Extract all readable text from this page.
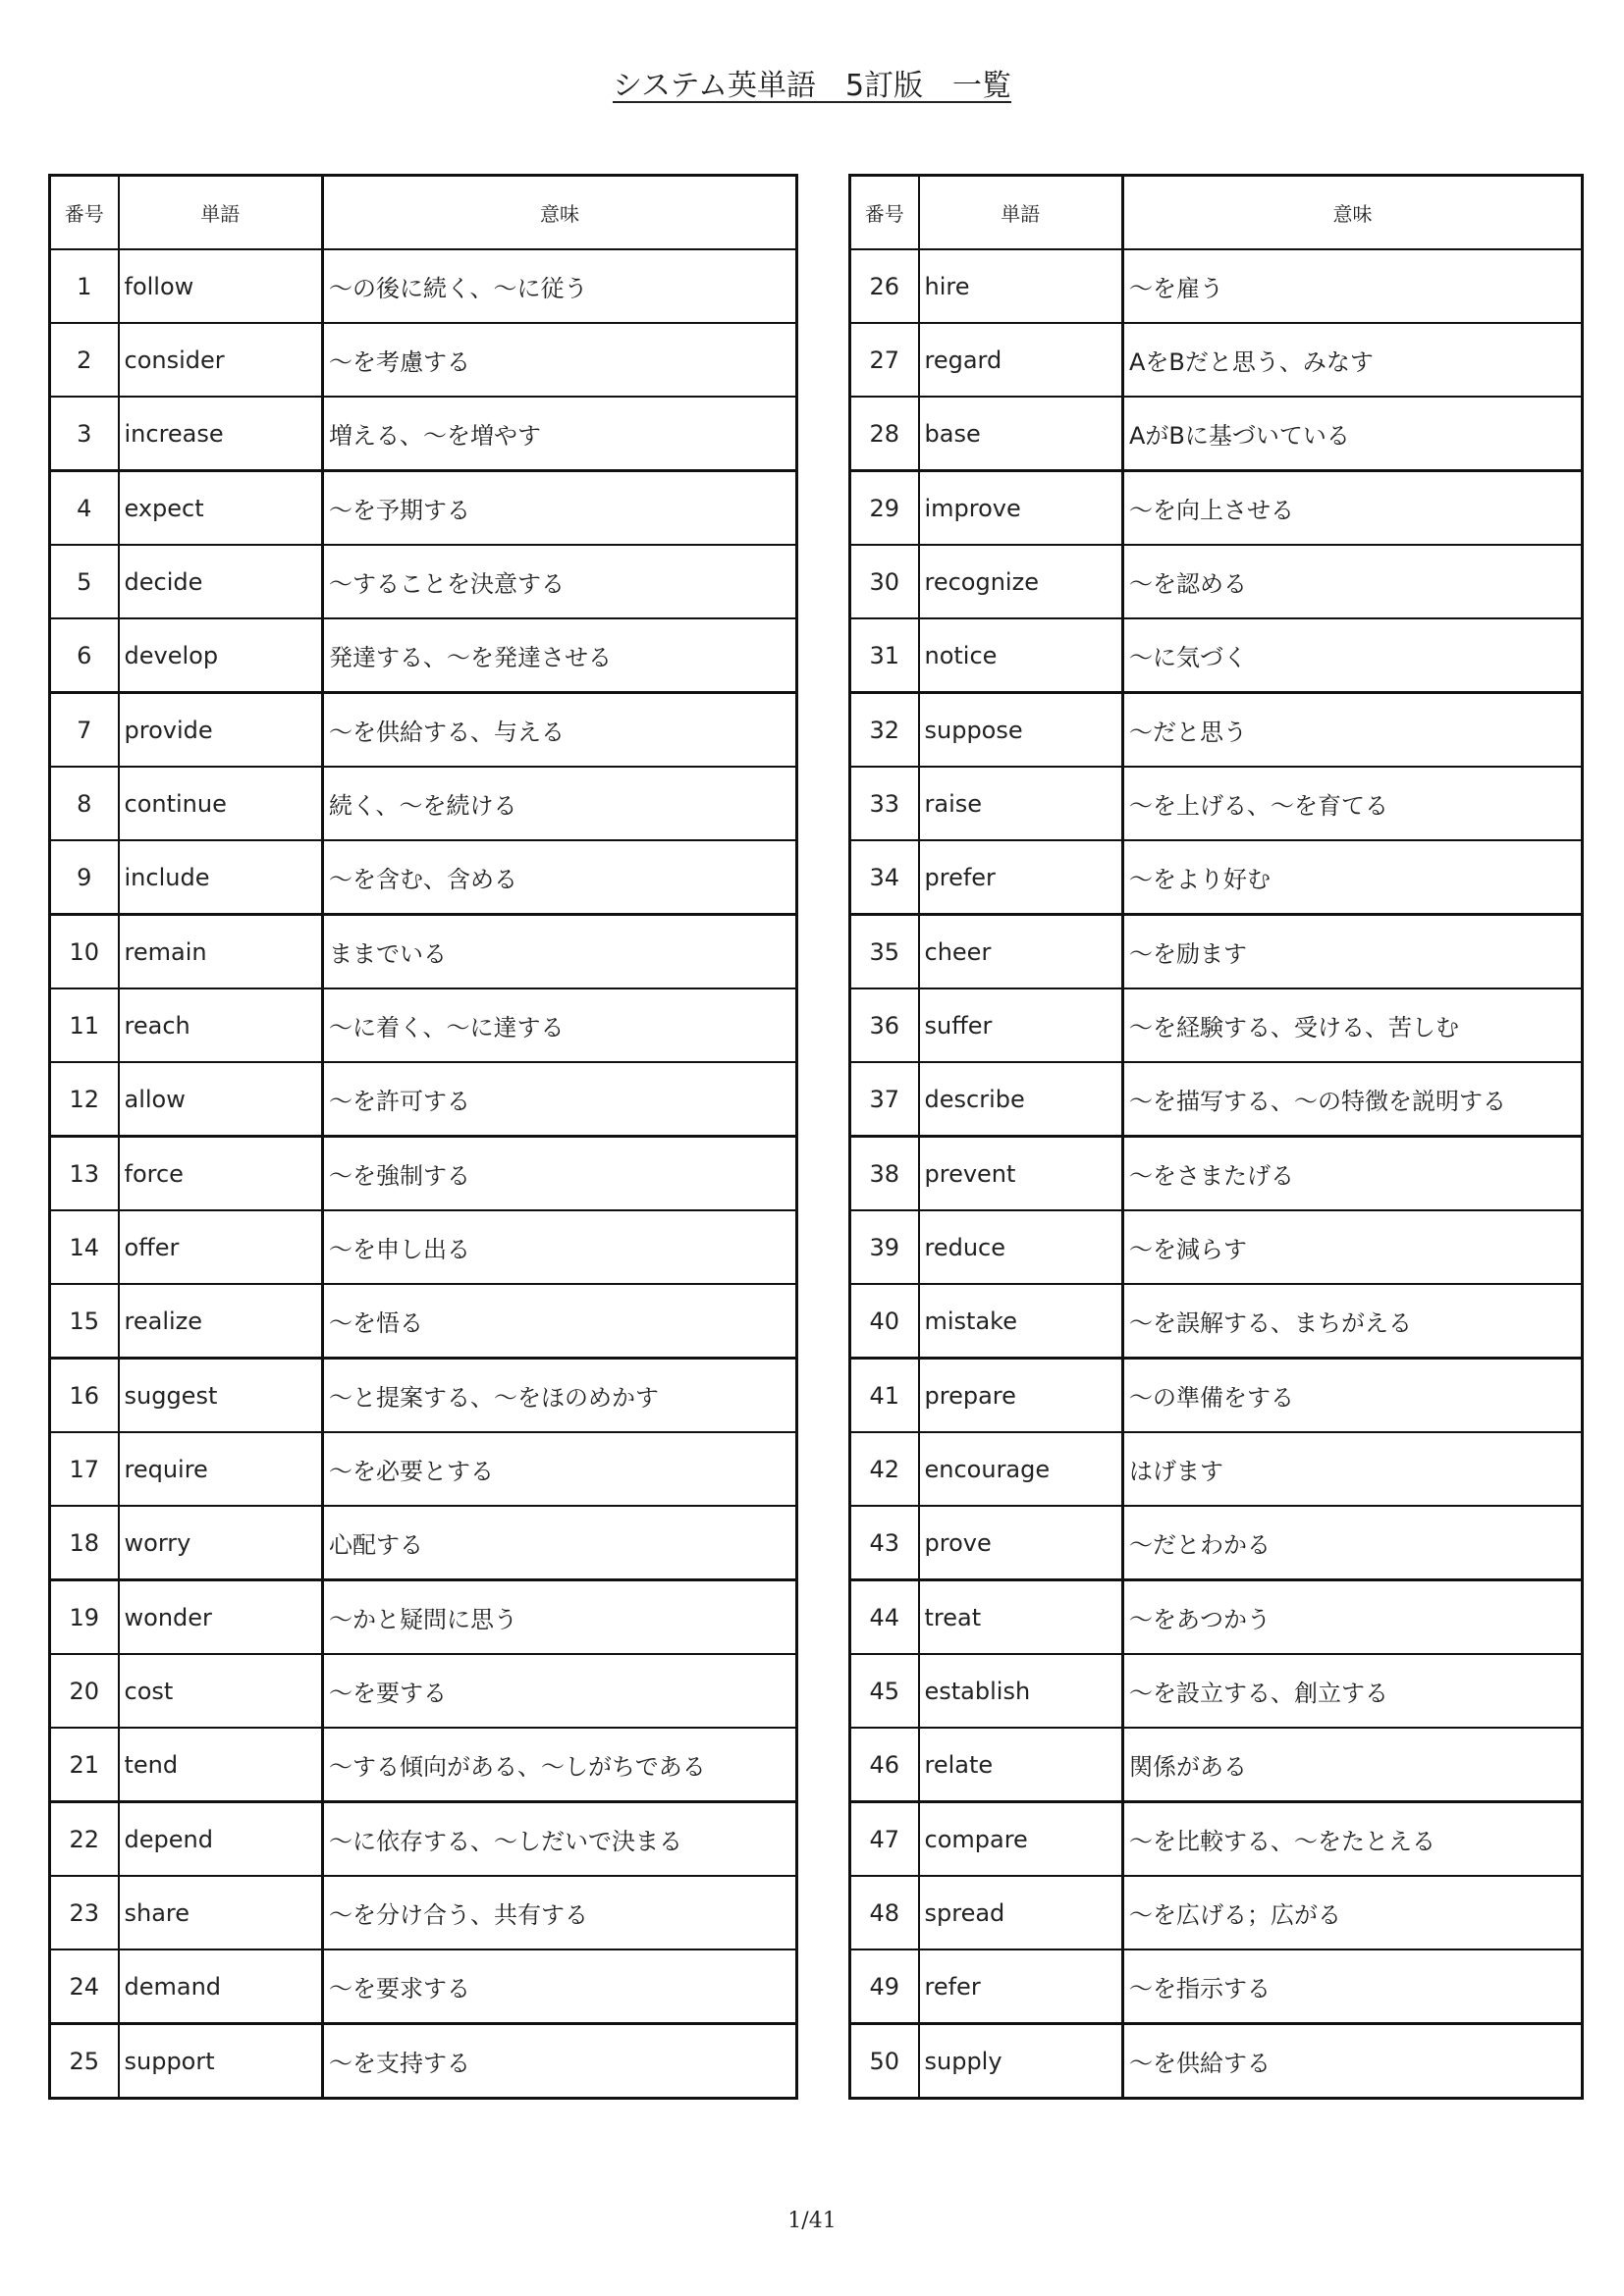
システム英単語　5訂版　一覧
番号	単語	意味
1	follow	～の後に続く、～に従う
2	consider	～を考慮する
3	increase	増える、～を増やす
4	expect	～を予期する
5	decide	～することを決意する
6	develop	発達する、～を発達させる
7	provide	～を供給する、与える
8	continue	続く、～を続ける
9	include	～を含む、含める
10	remain	ままでいる
11	reach	～に着く、～に達する
12	allow	～を許可する
13	force	～を強制する
14	offer	～を申し出る
15	realize	～を悟る
16	suggest	～と提案する、～をほのめかす
17	require	～を必要とする
18	worry	心配する
19	wonder	～かと疑問に思う
20	cost	～を要する
21	tend	～する傾向がある、～しがちである
22	depend	～に依存する、～しだいで決まる
23	share	～を分け合う、共有する
24	demand	～を要求する
25	support	～を支持する
番号	単語	意味
26	hire	～を雇う
27	regard	AをBだと思う、みなす
28	base	AがBに基づいている
29	improve	～を向上させる
30	recognize	～を認める
31	notice	～に気づく
32	suppose	～だと思う
33	raise	～を上げる、～を育てる
34	prefer	～をより好む
35	cheer	～を励ます
36	suffer	～を経験する、受ける、苦しむ
37	describe	～を描写する、～の特徴を説明する
38	prevent	～をさまたげる
39	reduce	～を減らす
40	mistake	～を誤解する、まちがえる
41	prepare	～の準備をする
42	encourage	はげます
43	prove	～だとわかる
44	treat	～をあつかう
45	establish	～を設立する、創立する
46	relate	関係がある
47	compare	～を比較する、～をたとえる
48	spread	～を広げる；広がる
49	refer	～を指示する
50	supply	～を供給する
1/41
